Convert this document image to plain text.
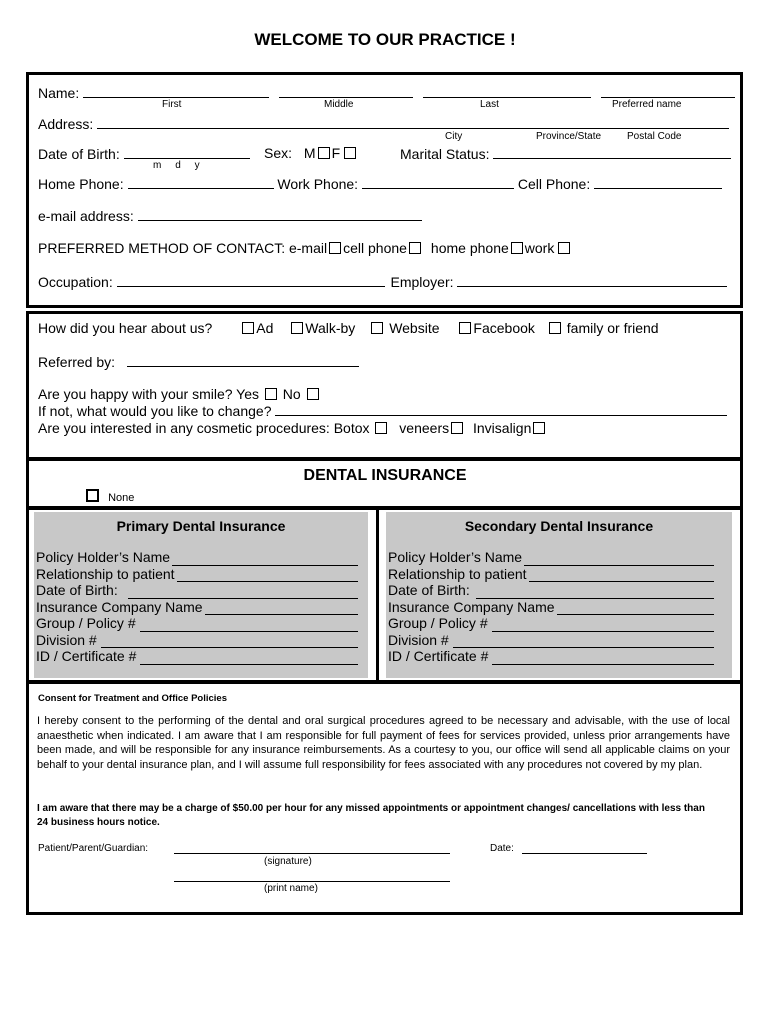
WELCOME TO OUR PRACTICE !
Name:
First	Middle	Last	Preferred name
Address:
City	Province/State	Postal Code
Date of Birth:
m     d     y
Sex: M F	Marital Status:
Home Phone:	Work Phone:	Cell Phone:
e-mail address:
PREFERRED METHOD OF CONTACT: e-mail cell phone home phone work
Occupation:	Employer:
How did you hear about us?	Ad Walk-by Website Facebook family or friend
Referred by:
Are you happy with your smile? Yes No
If not, what would you like to change?
Are you interested in any cosmetic procedures: Botox veneers Invisalign
DENTAL INSURANCE
None
Primary Dental Insurance
Policy Holder’s Name
Relationship to patient
Date of Birth:
Insurance Company Name
Group / Policy #
Division #
ID / Certificate #
Secondary Dental Insurance
Policy Holder’s Name
Relationship to patient
Date of Birth:
Insurance Company Name
Group / Policy #
Division #
ID / Certificate #
Consent for Treatment and Office Policies
I hereby consent to the performing of the dental and oral surgical procedures agreed to be necessary and advisable, with the use of local anaesthetic when indicated. I am aware that I am responsible for full payment of fees for services provided, unless prior arrangements have been made, and will be responsible for any insurance reimbursements. As a courtesy to you, our office will send all applicable claims on your behalf to your dental insurance plan, and I will assume full responsibility for fees associated with any procedures not covered by my plan.
I am aware that there may be a charge of $50.00 per hour for any missed appointments or appointment changes/ cancellations with less than 24 business hours notice.
Patient/Parent/Guardian:
(signature)
Date:
(print name)
